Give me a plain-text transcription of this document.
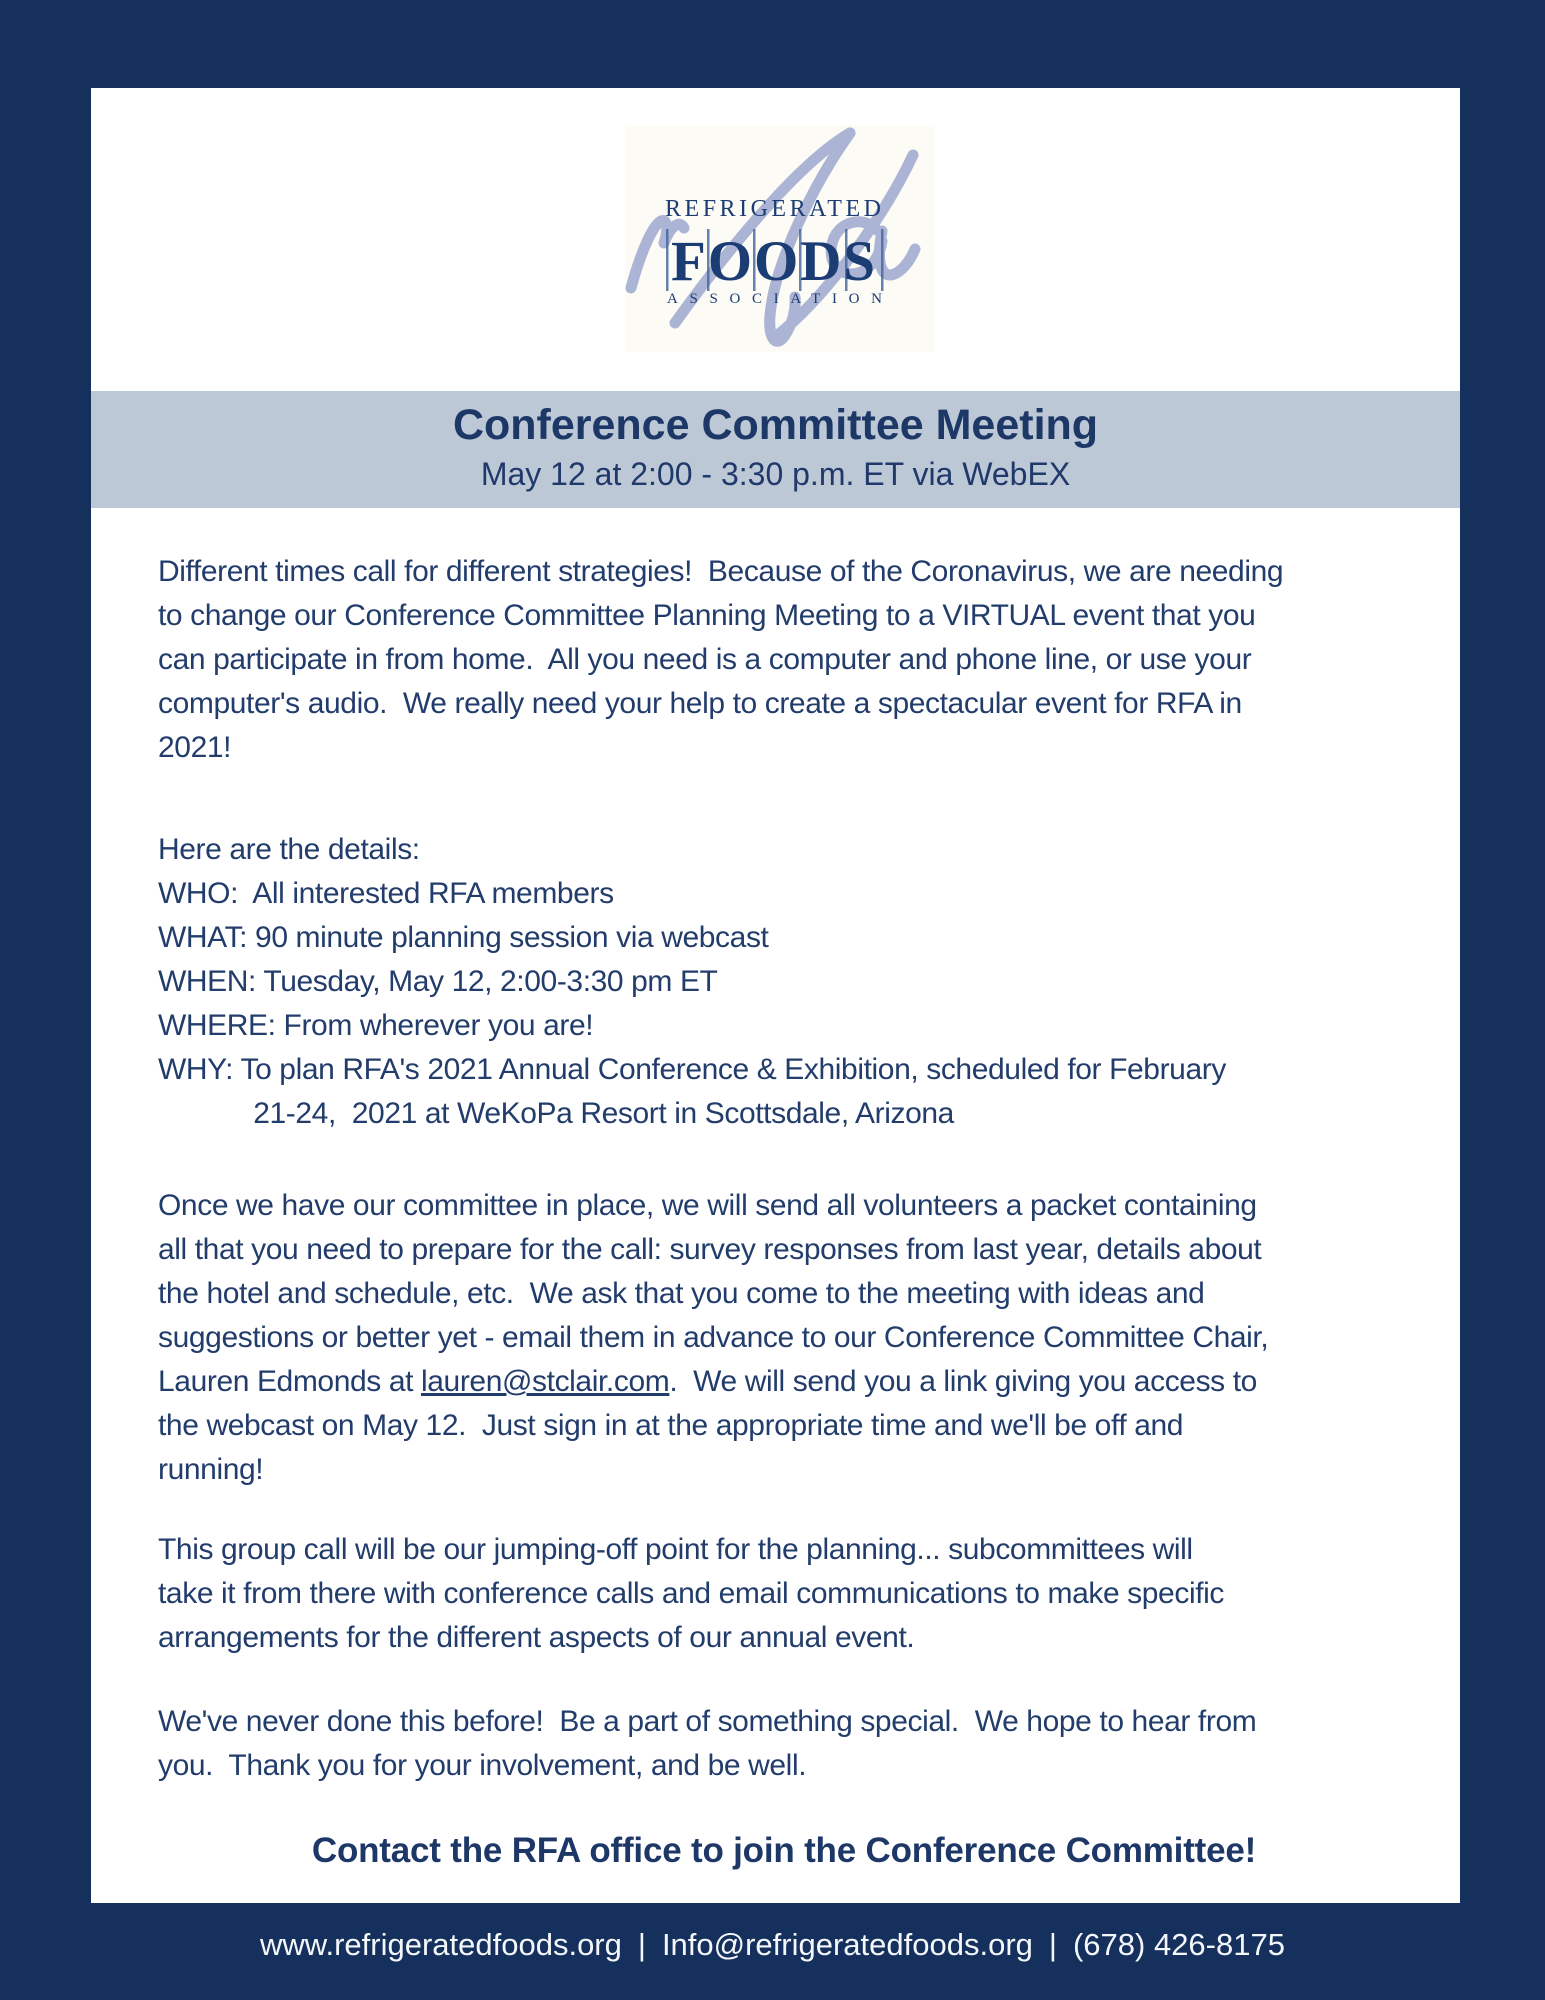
REFRIGERATED
FOODS
ASSOCIATION
Conference Committee Meeting
May 12 at 2:00 - 3:30 p.m. ET via WebEX
Different times call for different strategies!  Because of the Coronavirus, we are needing
to change our Conference Committee Planning Meeting to a VIRTUAL event that you
can participate in from home.  All you need is a computer and phone line, or use your
computer's audio.  We really need your help to create a spectacular event for RFA in
2021!
Here are the details:
WHO:  All interested RFA members
WHAT: 90 minute planning session via webcast
WHEN: Tuesday, May 12, 2:00-3:30 pm ET
WHERE: From wherever you are!
WHY: To plan RFA's 2021 Annual Conference & Exhibition, scheduled for February
21-24,  2021 at WeKoPa Resort in Scottsdale, Arizona
Once we have our committee in place, we will send all volunteers a packet containing
all that you need to prepare for the call: survey responses from last year, details about
the hotel and schedule, etc.  We ask that you come to the meeting with ideas and
suggestions or better yet - email them in advance to our Conference Committee Chair,
Lauren Edmonds at lauren@stclair.com.  We will send you a link giving you access to
the webcast on May 12.  Just sign in at the appropriate time and we'll be off and
running!
This group call will be our jumping-off point for the planning... subcommittees will
take it from there with conference calls and email communications to make specific
arrangements for the different aspects of our annual event.
We've never done this before!  Be a part of something special.  We hope to hear from
you.  Thank you for your involvement, and be well.
Contact the RFA office to join the Conference Committee!
www.refrigeratedfoods.org | Info@refrigeratedfoods.org | (678) 426-8175
